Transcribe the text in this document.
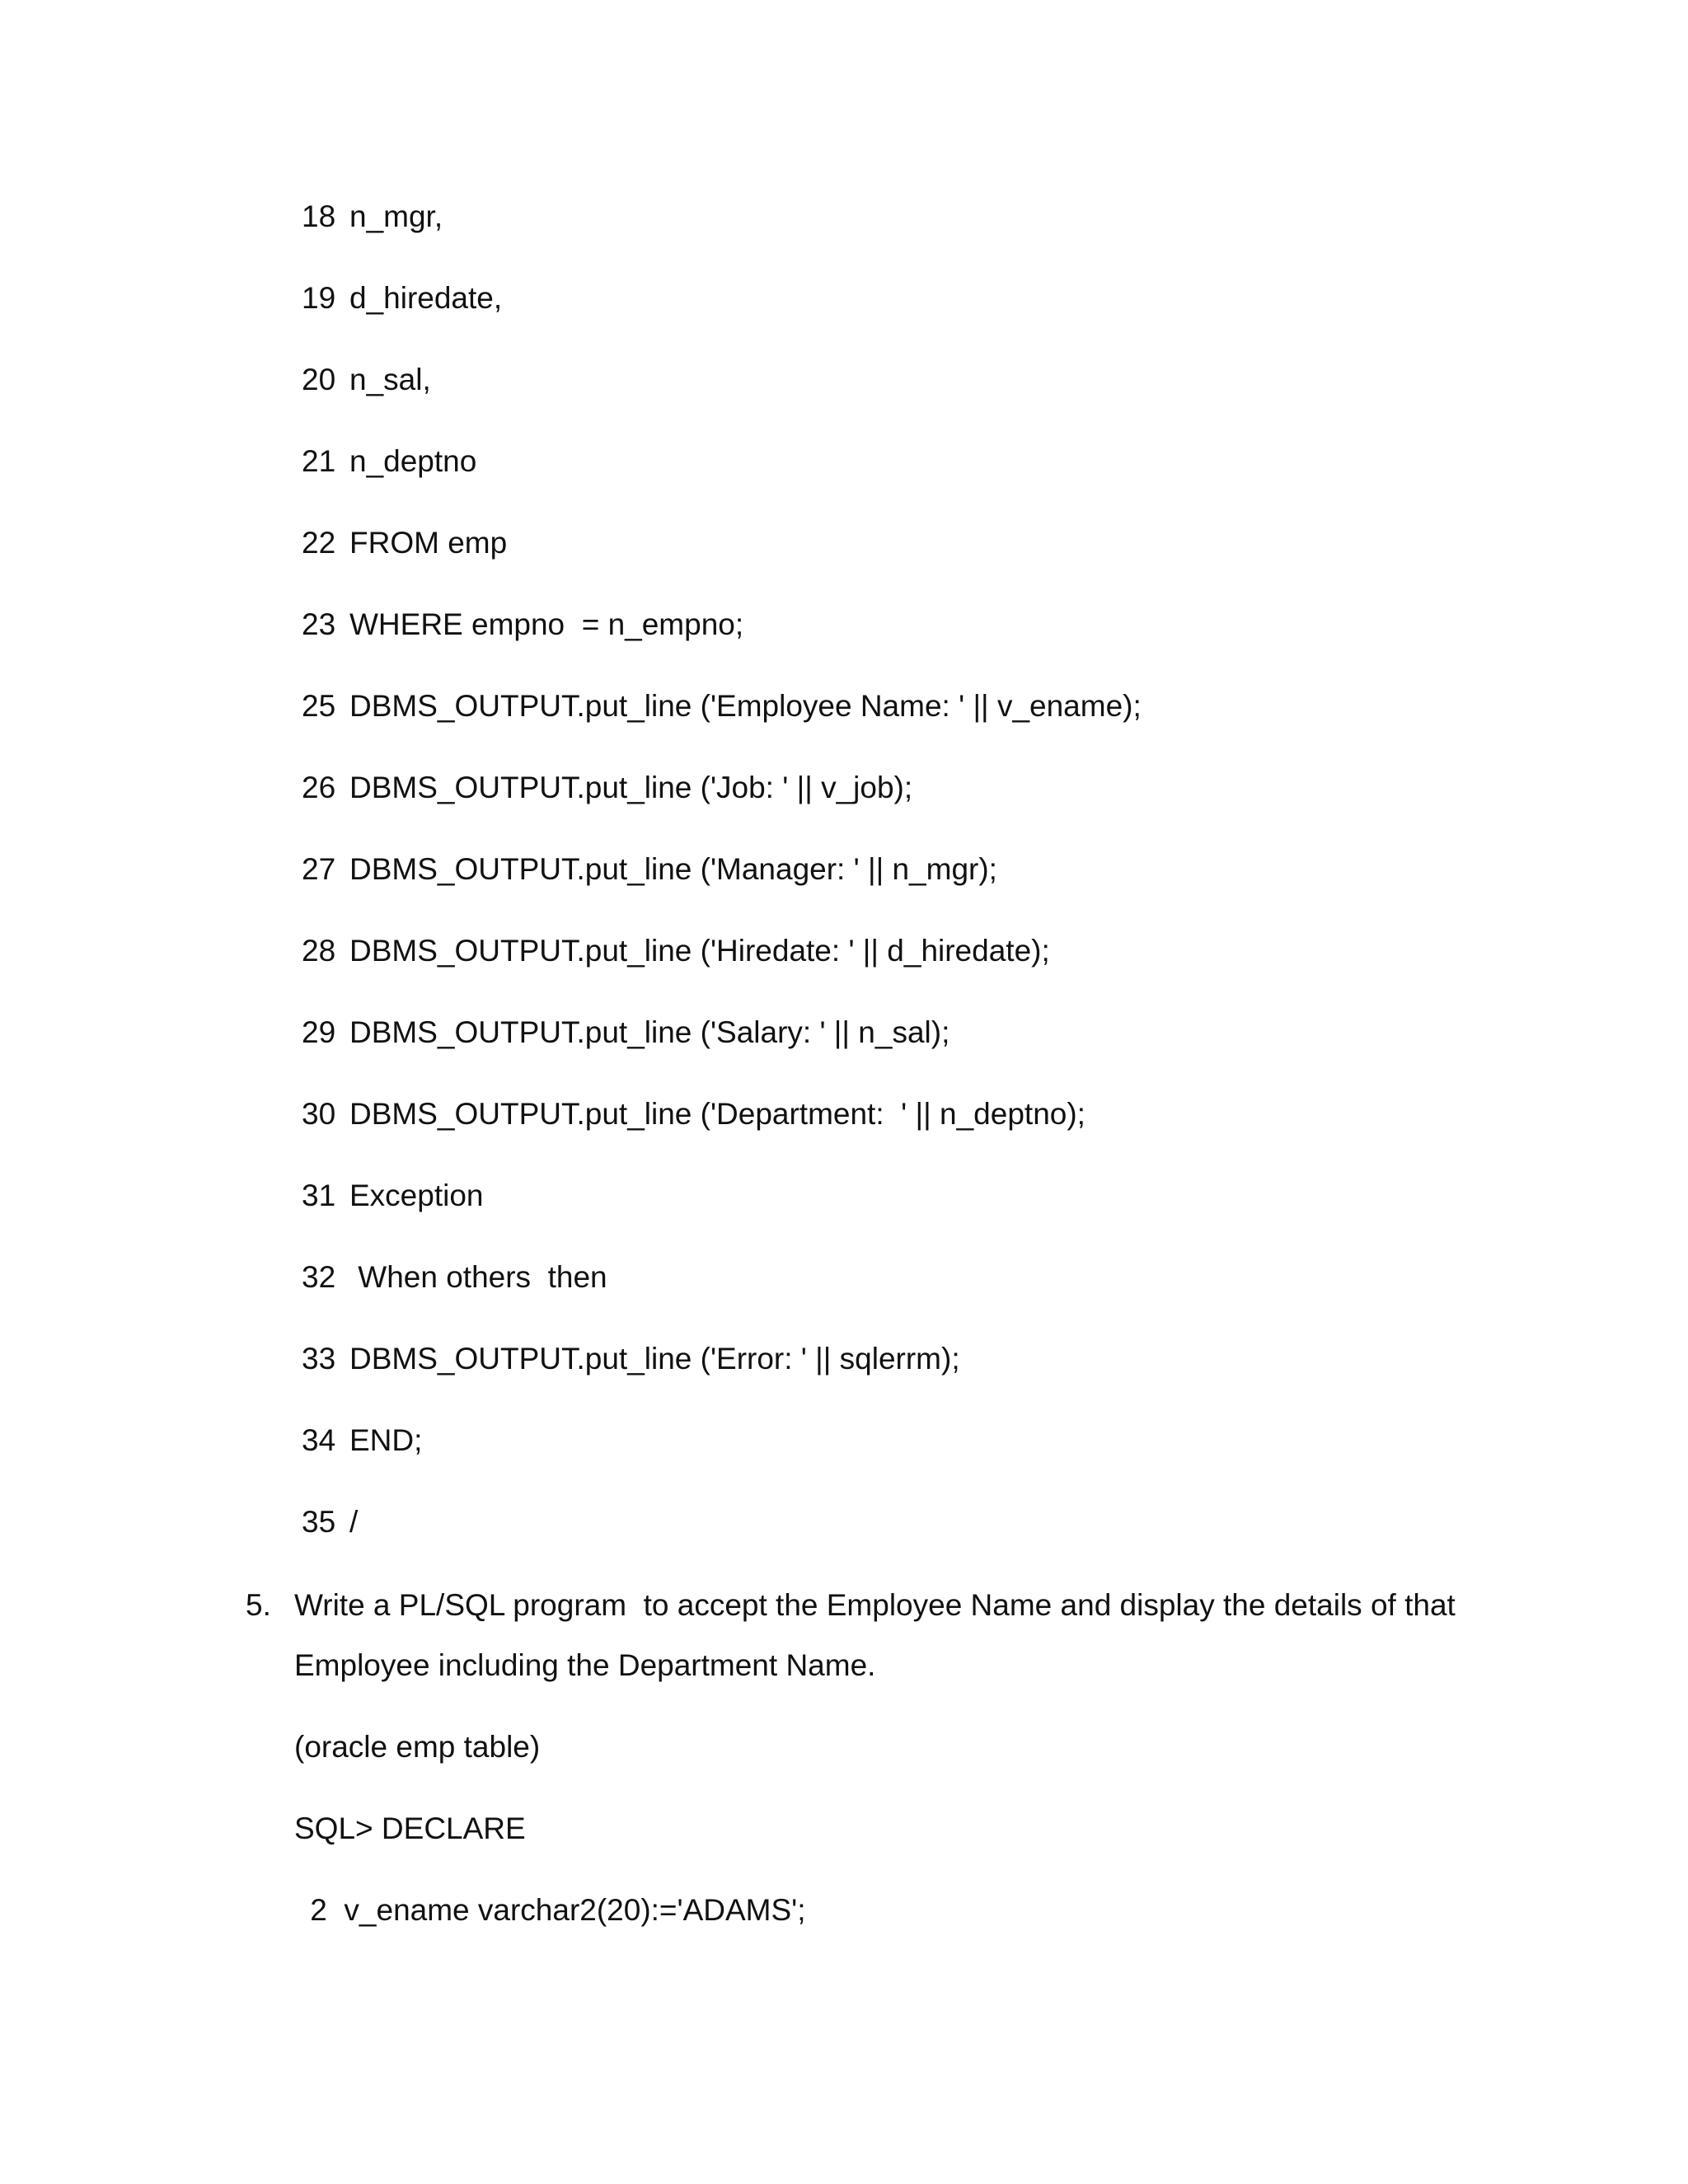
18 n_mgr,
19 d_hiredate,
20 n_sal,
21 n_deptno
22 FROM emp
23 WHERE empno  = n_empno;
25 DBMS_OUTPUT.put_line ('Employee Name: ' || v_ename);
26 DBMS_OUTPUT.put_line ('Job: ' || v_job);
27 DBMS_OUTPUT.put_line ('Manager: ' || n_mgr);
28 DBMS_OUTPUT.put_line ('Hiredate: ' || d_hiredate);
29 DBMS_OUTPUT.put_line ('Salary: ' || n_sal);
30 DBMS_OUTPUT.put_line ('Department:  ' || n_deptno);
31 Exception
32 When others  then
33 DBMS_OUTPUT.put_line ('Error: ' || sqlerrm);
34 END;
35 /
5. Write a PL/SQL program  to accept the Employee Name and display the details of that
Employee including the Department Name.
(oracle emp table)
SQL> DECLARE
2  v_ename varchar2(20):='ADAMS';
